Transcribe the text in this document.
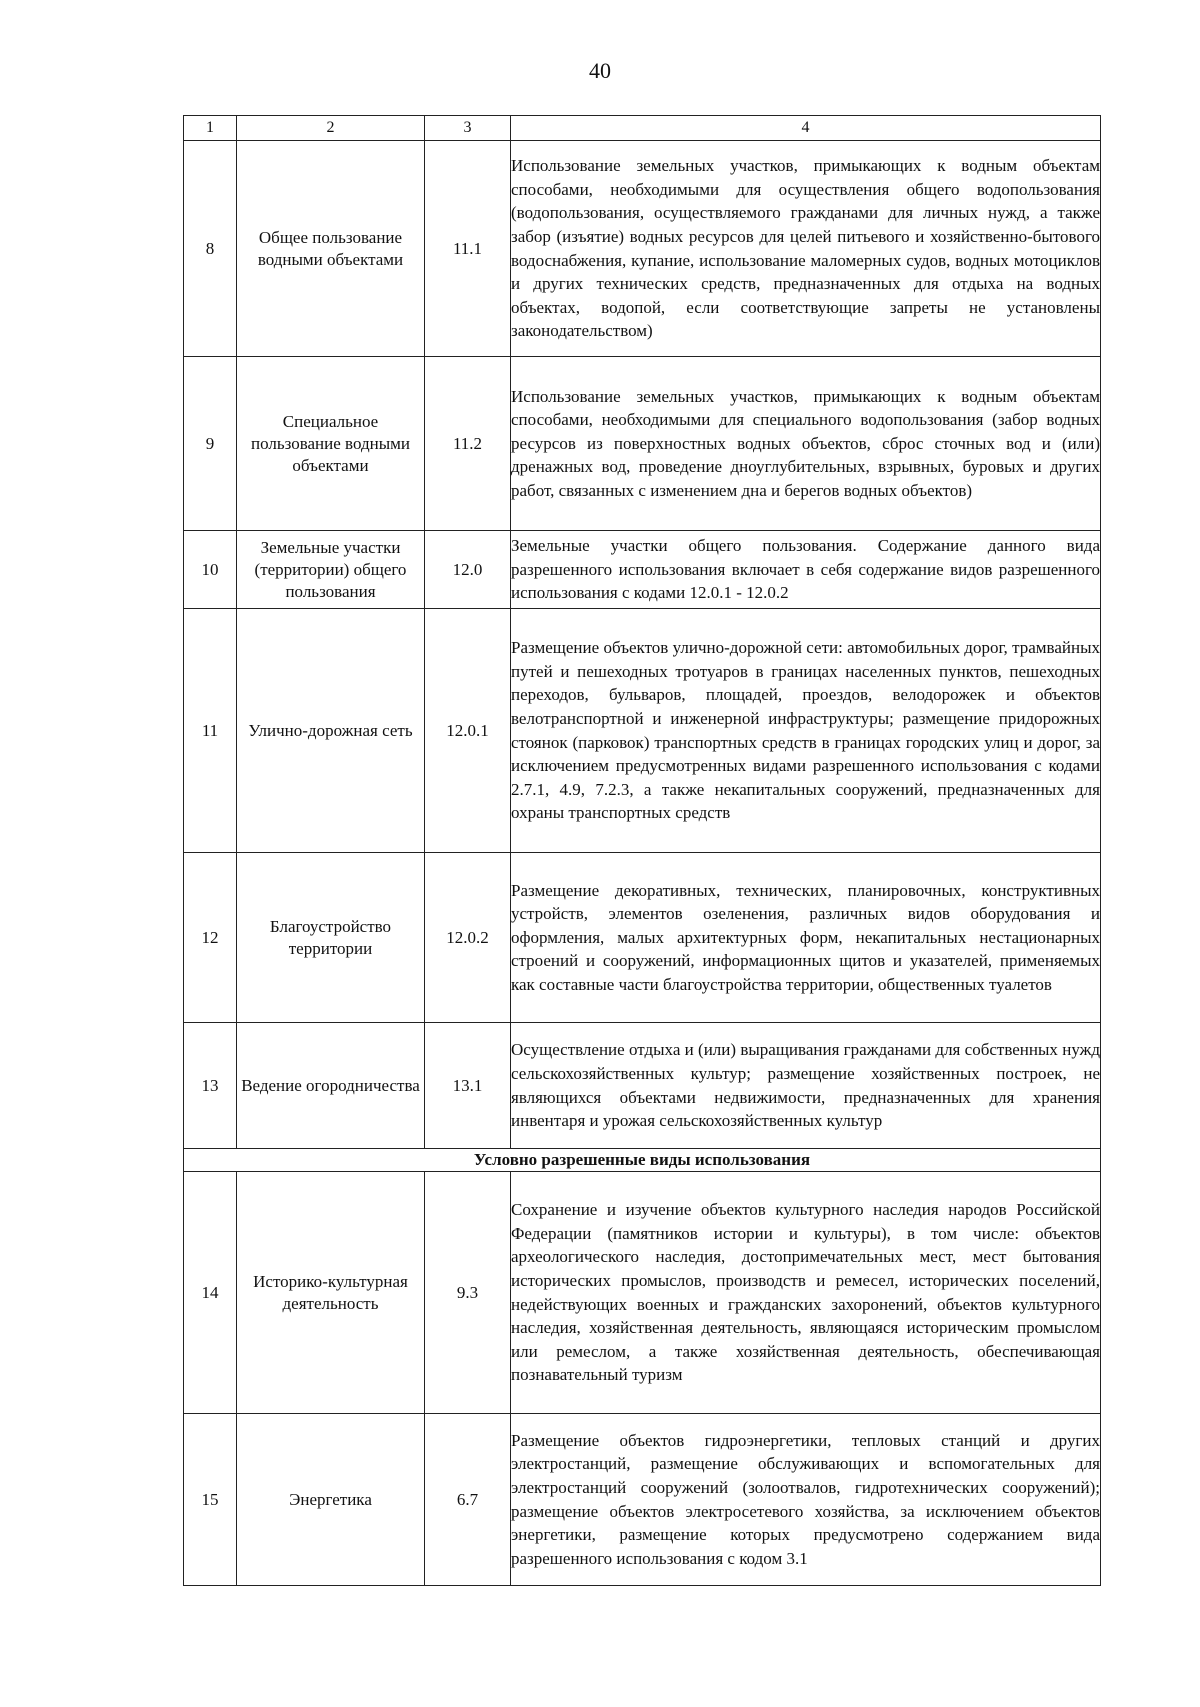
40
1	2	3	4
8	Общее пользование водными объектами	11.1	Использование земельных участков, примыкающих к водным объектам способами, необходимыми для осуществления общего водопользования (водопользования, осуществляемого гражданами для личных нужд, а также забор (изъятие) водных ресурсов для целей питьевого и хозяйственно-бытового водоснабжения, купание, использование маломерных судов, водных мотоциклов и других технических средств, предназначенных для отдыха на водных объектах, водопой, если соответствующие запреты не установлены законодательством)
9	Специальное пользование водными объектами	11.2	Использование земельных участков, примыкающих к водным объектам способами, необходимыми для специального водопользования (забор водных ресурсов из поверхностных водных объектов, сброс сточных вод и (или) дренажных вод, проведение дноуглубительных, взрывных, буровых и других работ, связанных с изменением дна и берегов водных объектов)
10	Земельные участки (территории) общего пользования	12.0	Земельные участки общего пользования. Содержание данного вида разрешенного использования включает в себя содержание видов разрешенного использования с кодами 12.0.1 - 12.0.2
11	Улично-дорожная сеть	12.0.1	Размещение объектов улично-дорожной сети: автомобильных дорог, трамвайных путей и пешеходных тротуаров в границах населенных пунктов, пешеходных переходов, бульваров, площадей, проездов, велодорожек и объектов велотранспортной и инженерной инфраструктуры; размещение придорожных стоянок (парковок) транспортных средств в границах городских улиц и дорог, за исключением предусмотренных видами разрешенного использования с кодами 2.7.1, 4.9, 7.2.3, а также некапитальных сооружений, предназначенных для охраны транспортных средств
12	Благоустройство территории	12.0.2	Размещение декоративных, технических, планировочных, конструктивных устройств, элементов озеленения, различных видов оборудования и оформления, малых архитектурных форм, некапитальных нестационарных строений и сооружений, информационных щитов и указателей, применяемых как составные части благоустройства территории, общественных туалетов
13	Ведение огородничества	13.1	Осуществление отдыха и (или) выращивания гражданами для собственных нужд сельскохозяйственных культур; размещение хозяйственных построек, не являющихся объектами недвижимости, предназначенных для хранения инвентаря и урожая сельскохозяйственных культур
Условно разрешенные виды использования			
14	Историко-культурная деятельность	9.3	Сохранение и изучение объектов культурного наследия народов Российской Федерации (памятников истории и культуры), в том числе: объектов археологического наследия, достопримечательных мест, мест бытования исторических промыслов, производств и ремесел, исторических поселений, недействующих военных и гражданских захоронений, объектов культурного наследия, хозяйственная деятельность, являющаяся историческим промыслом или ремеслом, а также хозяйственная деятельность, обеспечивающая познавательный туризм
15	Энергетика	6.7	Размещение объектов гидроэнергетики, тепловых станций и других электростанций, размещение обслуживающих и вспомогательных для электростанций сооружений (золоотвалов, гидротехнических сооружений); размещение объектов электросетевого хозяйства, за исключением объектов энергетики, размещение которых предусмотрено содержанием вида разрешенного использования с кодом 3.1
